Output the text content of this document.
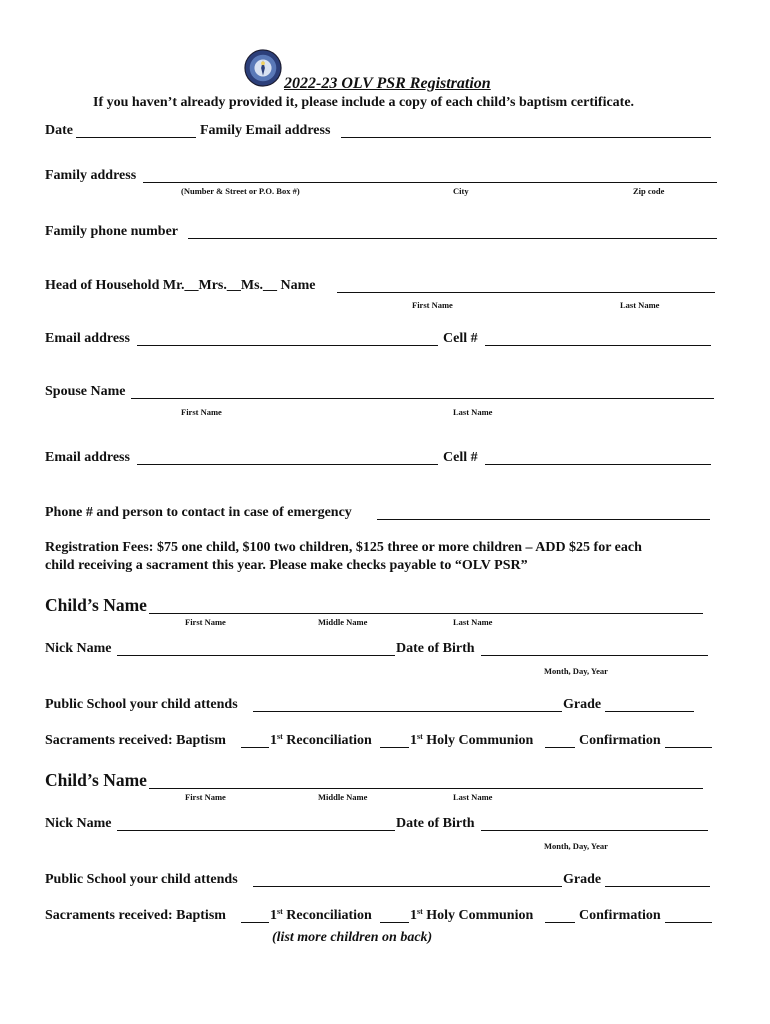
2022-23 OLV PSR Registration
If you haven’t already provided it, please include a copy of each child’s baptism certificate.
Date	Family Email address
Family address
(Number & Street or P.O. Box #)	City	Zip code
Family phone number
Head of Household Mr.__Mrs.__Ms.__ Name
First Name	Last Name
Email address	Cell #
Spouse Name
First Name	Last Name
Email address	Cell #
Phone # and person to contact in case of emergency
Registration Fees: $75 one child, $100 two children, $125 three or more children – ADD $25 for each
child receiving a sacrament this year. Please make checks payable to “OLV PSR”
Child’s Name
First Name	Middle Name	Last Name
Nick Name	Date of Birth
Month, Day, Year
Public School your child attends	Grade
Sacraments received: Baptism	1st Reconciliation	1st Holy Communion	Confirmation
Child’s Name
First Name	Middle Name	Last Name
Nick Name	Date of Birth
Month, Day, Year
Public School your child attends	Grade
Sacraments received: Baptism	1st Reconciliation	1st Holy Communion	Confirmation
(list more children on back)
